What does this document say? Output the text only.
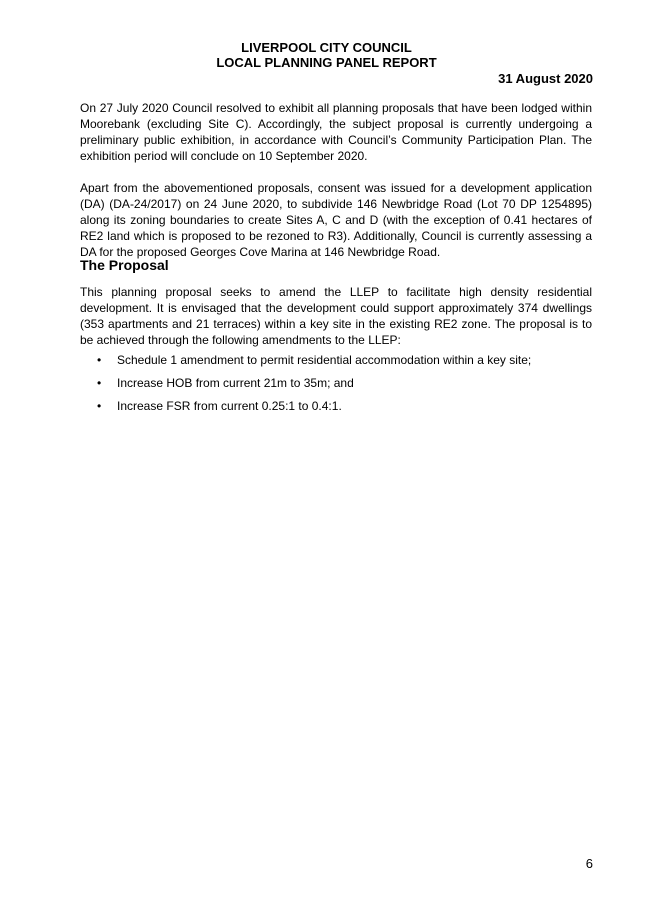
LIVERPOOL CITY COUNCIL
LOCAL PLANNING PANEL REPORT
31 August 2020

On 27 July 2020 Council resolved to exhibit all planning proposals that have been lodged within Moorebank (excluding Site C). Accordingly, the subject proposal is currently undergoing a preliminary public exhibition, in accordance with Council’s Community Participation Plan. The exhibition period will conclude on 10 September 2020.

Apart from the abovementioned proposals, consent was issued for a development application (DA) (DA-24/2017) on 24 June 2020, to subdivide 146 Newbridge Road (Lot 70 DP 1254895) along its zoning boundaries to create Sites A, C and D (with the exception of 0.41 hectares of RE2 land which is proposed to be rezoned to R3). Additionally, Council is currently assessing a DA for the proposed Georges Cove Marina at 146 Newbridge Road.

The Proposal

This planning proposal seeks to amend the LLEP to facilitate high density residential development. It is envisaged that the development could support approximately 374 dwellings (353 apartments and 21 terraces) within a key site in the existing RE2 zone. The proposal is to be achieved through the following amendments to the LLEP:

• Schedule 1 amendment to permit residential accommodation within a key site;
• Increase HOB from current 21m to 35m; and
• Increase FSR from current 0.25:1 to 0.4:1.
6
